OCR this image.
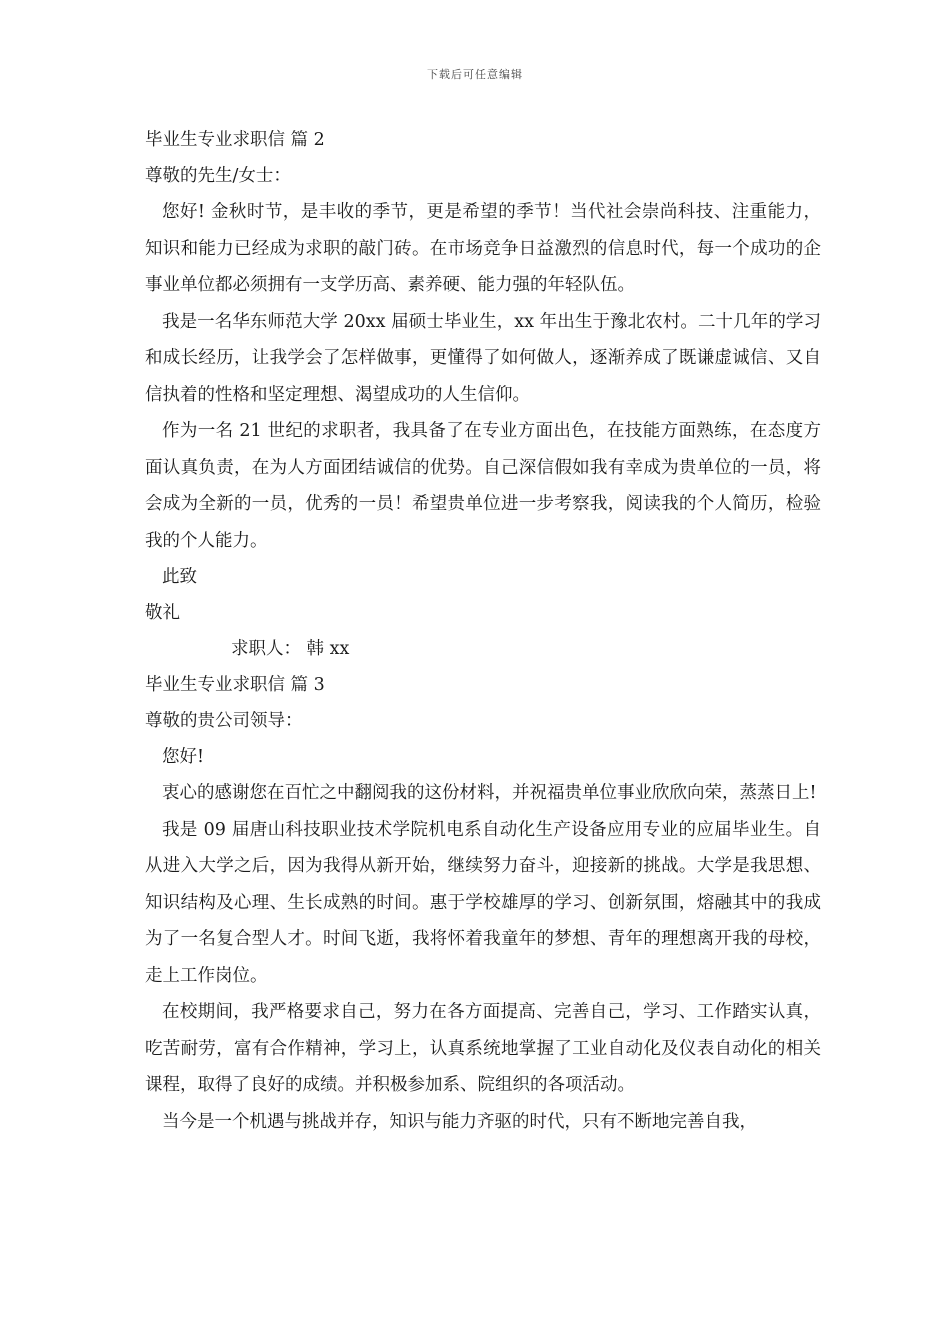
下载后可任意编辑
毕业生专业求职信 篇 2
尊敬的先生/女士：
您好! 金秋时节，是丰收的季节，更是希望的季节！当代社会崇尚科技、注重能力，知识和能力已经成为求职的敲门砖。在市场竞争日益激烈的信息时代，每一个成功的企事业单位都必须拥有一支学历高、素养硬、能力强的年轻队伍。
我是一名华东师范大学 20xx 届硕士毕业生，xx 年出生于豫北农村。二十几年的学习和成长经历，让我学会了怎样做事，更懂得了如何做人，逐渐养成了既谦虚诚信、又自信执着的性格和坚定理想、渴望成功的人生信仰。
作为一名 21 世纪的求职者，我具备了在专业方面出色，在技能方面熟练，在态度方面认真负责，在为人方面团结诚信的优势。自己深信假如我有幸成为贵单位的一员，将会成为全新的一员，优秀的一员！希望贵单位进一步考察我，阅读我的个人简历，检验我的个人能力。
此致
敬礼
求职人： 韩 xx
毕业生专业求职信 篇 3
尊敬的贵公司领导：
您好!
衷心的感谢您在百忙之中翻阅我的这份材料，并祝福贵单位事业欣欣向荣，蒸蒸日上!
我是 09 届唐山科技职业技术学院机电系自动化生产设备应用专业的应届毕业生。自从进入大学之后，因为我得从新开始，继续努力奋斗，迎接新的挑战。大学是我思想、知识结构及心理、生长成熟的时间。惠于学校雄厚的学习、创新氛围，熔融其中的我成为了一名复合型人才。时间飞逝，我将怀着我童年的梦想、青年的理想离开我的母校，走上工作岗位。
在校期间，我严格要求自己，努力在各方面提高、完善自己，学习、工作踏实认真，吃苦耐劳，富有合作精神，学习上，认真系统地掌握了工业自动化及仪表自动化的相关课程，取得了良好的成绩。并积极参加系、院组织的各项活动。
当今是一个机遇与挑战并存，知识与能力齐驱的时代，只有不断地完善自我，
